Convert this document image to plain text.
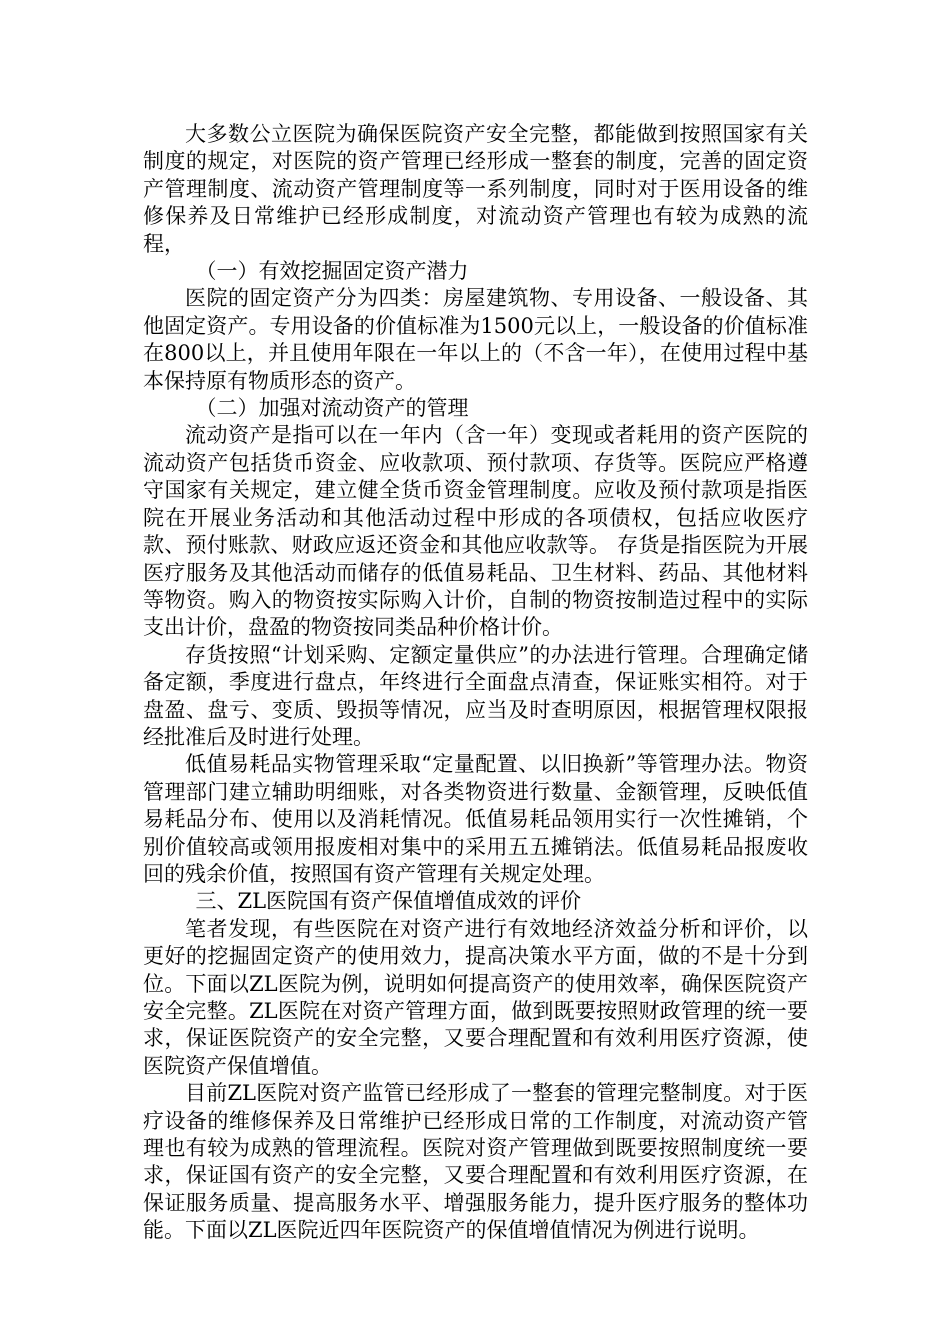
大多数公立医院为确保医院资产安全完整，都能做到按照国家有关制度的规定，对医院的资产管理已经形成一整套的制度，完善的固定资产管理制度、流动资产管理制度等一系列制度，同时对于医用设备的维修保养及日常维护已经形成制度，对流动资产管理也有较为成熟的流程，

（一）有效挖掘固定资产潜力

医院的固定资产分为四类：房屋建筑物、专用设备、一般设备、其他固定资产。专用设备的价值标准为1500元以上，一般设备的价值标准在800以上，并且使用年限在一年以上的（不含一年），在使用过程中基本保持原有物质形态的资产。

（二）加强对流动资产的管理

流动资产是指可以在一年内（含一年）变现或者耗用的资产医院的流动资产包括货币资金、应收款项、预付款项、存货等。医院应严格遵守国家有关规定，建立健全货币资金管理制度。应收及预付款项是指医院在开展业务活动和其他活动过程中形成的各项债权，包括应收医疗款、预付账款、财政应返还资金和其他应收款等。 存货是指医院为开展医疗服务及其他活动而储存的低值易耗品、卫生材料、药品、其他材料等物资。购入的物资按实际购入计价，自制的物资按制造过程中的实际支出计价，盘盈的物资按同类品种价格计价。

存货按照“计划采购、定额定量供应”的办法进行管理。合理确定储备定额，季度进行盘点，年终进行全面盘点清查，保证账实相符。对于盘盈、盘亏、变质、毁损等情况，应当及时查明原因，根据管理权限报经批准后及时进行处理。

低值易耗品实物管理采取“定量配置、以旧换新”等管理办法。物资管理部门建立辅助明细账，对各类物资进行数量、金额管理，反映低值易耗品分布、使用以及消耗情况。低值易耗品领用实行一次性摊销，个别价值较高或领用报废相对集中的采用五五摊销法。低值易耗品报废收回的残余价值，按照国有资产管理有关规定处理。

三、ZL医院国有资产保值增值成效的评价

笔者发现，有些医院在对资产进行有效地经济效益分析和评价，以更好的挖掘固定资产的使用效力，提高决策水平方面，做的不是十分到位。下面以ZL医院为例，说明如何提高资产的使用效率，确保医院资产安全完整。ZL医院在对资产管理方面，做到既要按照财政管理的统一要求，保证医院资产的安全完整，又要合理配置和有效利用医疗资源，使医院资产保值增值。

目前ZL医院对资产监管已经形成了一整套的管理完整制度。对于医疗设备的维修保养及日常维护已经形成日常的工作制度，对流动资产管理也有较为成熟的管理流程。医院对资产管理做到既要按照制度统一要求，保证国有资产的安全完整，又要合理配置和有效利用医疗资源，在保证服务质量、提高服务水平、增强服务能力，提升医疗服务的整体功能。下面以ZL医院近四年医院资产的保值增值情况为例进行说明。
